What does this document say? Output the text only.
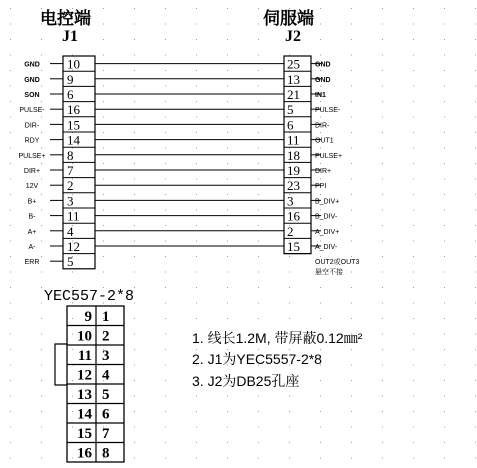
电控端
J1
伺服端
J2
GND 10	25 GND
GND 9	13 GND
SON 6	21 IN1
PULSE- 16	5	PULSE-
DIR- 15	6	DIR-
RDY 14	11 OUT1
PULSE+ 8	18 PULSE+
DIR+ 7	19 DIR+
12V 2	23 PPI
B+ 3	3	B_DIV+
B- 11	16 B_DIV-
A+ 4	2	A_DIV+
A- 12	15 A_DIV-
ERR 5	OUT2或OUT3
悬空不接
YEC557-2*8
9 1
10 2
11 3
12 4
13 5
14 6
15 7
16 8
1. 线长1.2M, 带屏蔽0.12㎜²
2. J1为YEC5557-2*8
3. J2为DB25孔座
